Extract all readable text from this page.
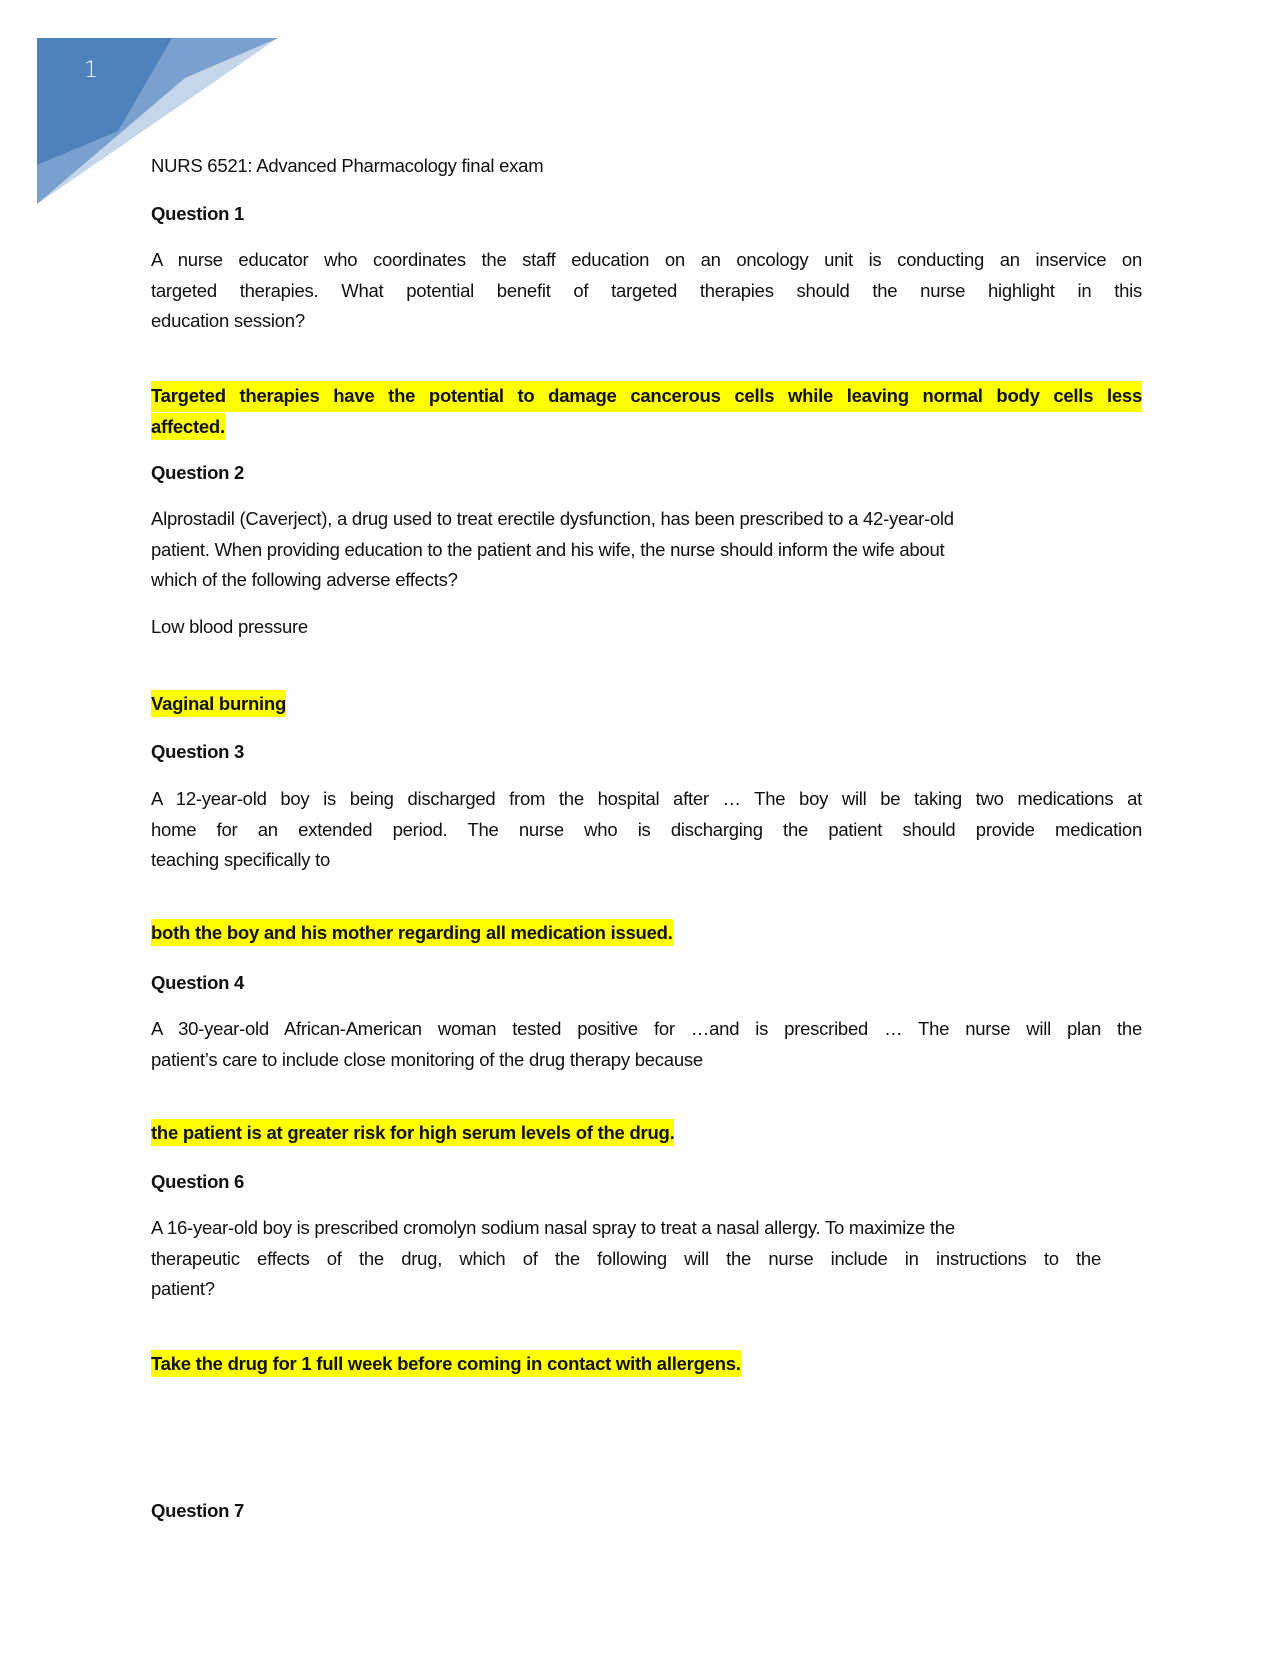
1
NURS 6521: Advanced Pharmacology final exam
Question 1
A nurse educator who coordinates the staff education on an oncology unit is conducting an inservice on
targeted therapies. What potential benefit of targeted therapies should the nurse highlight in this
education session?
Targeted therapies have the potential to damage cancerous cells while leaving normal body cells less
affected.
Question 2
Alprostadil (Caverject), a drug used to treat erectile dysfunction, has been prescribed to a 42-year-old
patient. When providing education to the patient and his wife, the nurse should inform the wife about
which of the following adverse effects?
Low blood pressure
Vaginal burning
Question 3
A 12-year-old boy is being discharged from the hospital after … The boy will be taking two medications at
home for an extended period. The nurse who is discharging the patient should provide medication
teaching specifically to
both the boy and his mother regarding all medication issued.
Question 4
A 30-year-old African-American woman tested positive for …and is prescribed … The nurse will plan the
patient’s care to include close monitoring of the drug therapy because
the patient is at greater risk for high serum levels of the drug.
Question 6
A 16-year-old boy is prescribed cromolyn sodium nasal spray to treat a nasal allergy. To maximize the
therapeutic effects of the drug, which of the following will the nurse include in instructions to the
patient?
Take the drug for 1 full week before coming in contact with allergens.
Question 7
